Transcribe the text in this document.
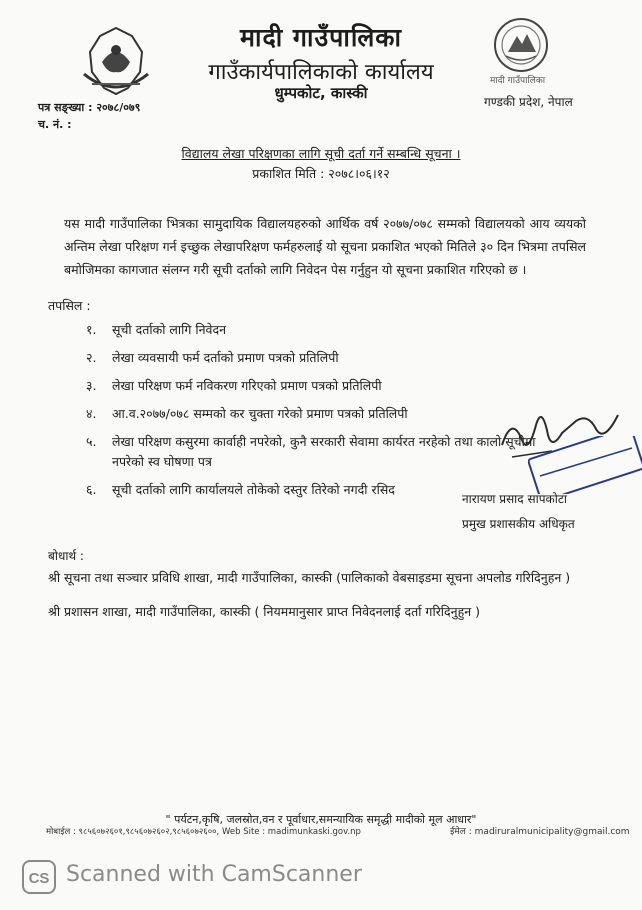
मादी गाउँपालिका
गाउँकार्यपालिकाको कार्यालय
धुम्पकोट, कास्की
मादी गाउँपालिका
गण्डकी प्रदेश, नेपाल
पत्र सङ्ख्या : २०७८/०७९
च. नं. :
विद्यालय लेखा परिक्षणका लागि सूची दर्ता गर्ने सम्बन्धि सूचना ।
प्रकाशित मिति : २०७८।०६।१२
यस मादी गाउँपालिका भित्रका सामुदायिक विद्यालयहरुको आर्थिक वर्ष २०७७/०७८ सम्मको विद्यालयको आय व्ययको अन्तिम लेखा परिक्षण गर्न इच्छुक लेखापरिक्षण फर्महरुलाई यो सूचना प्रकाशित भएको मितिले ३० दिन भित्रमा तपसिल बमोजिमका कागजात संलग्न गरी सूची दर्ताको लागि निवेदन पेस गर्नुहुन यो सूचना प्रकाशित गरिएको छ ।
तपसिल :
१.	सूची दर्ताको लागि निवेदन
२.	लेखा व्यवसायी फर्म दर्ताको प्रमाण पत्रको प्रतिलिपी
३.	लेखा परिक्षण फर्म नविकरण गरिएको प्रमाण पत्रको प्रतिलिपी
४.	आ.व.२०७७/०७८ सम्मको कर चुक्ता गरेको प्रमाण पत्रको प्रतिलिपी
५.	लेखा परिक्षण कसुरमा कार्वाही नपरेको, कुनै सरकारी सेवामा कार्यरत नरहेको तथा कालो सूचीमा नपरेको स्व घोषणा पत्र
६.	सूची दर्ताको लागि कार्यालयले तोकेको दस्तुर तिरेको नगदी रसिद
नारायण प्रसाद सापकोटा
प्रमुख प्रशासकीय अधिकृत
बोधार्थ :
श्री सूचना तथा सञ्चार प्रविधि शाखा, मादी गाउँपालिका, कास्की (पालिकाको वेबसाइडमा सूचना अपलोड गरिदिनुहन )
श्री प्रशासन शाखा, मादी गाउँपालिका, कास्की ( नियममानुसार प्राप्त निवेदनलाई दर्ता गरिदिनुहुन )
" पर्यटन,कृषि, जलस्रोत,वन र पूर्वाधार,समन्यायिक समृद्धी मादीको मूल आधार"
मोबाईल : ९८५६०७२६०१,९८५६०७२६०२,९८५६०७२६००, Web Site : madimunkaski.gov.np	ईमेल : madiruralmunicipality@gmail.com
CS Scanned with CamScanner
